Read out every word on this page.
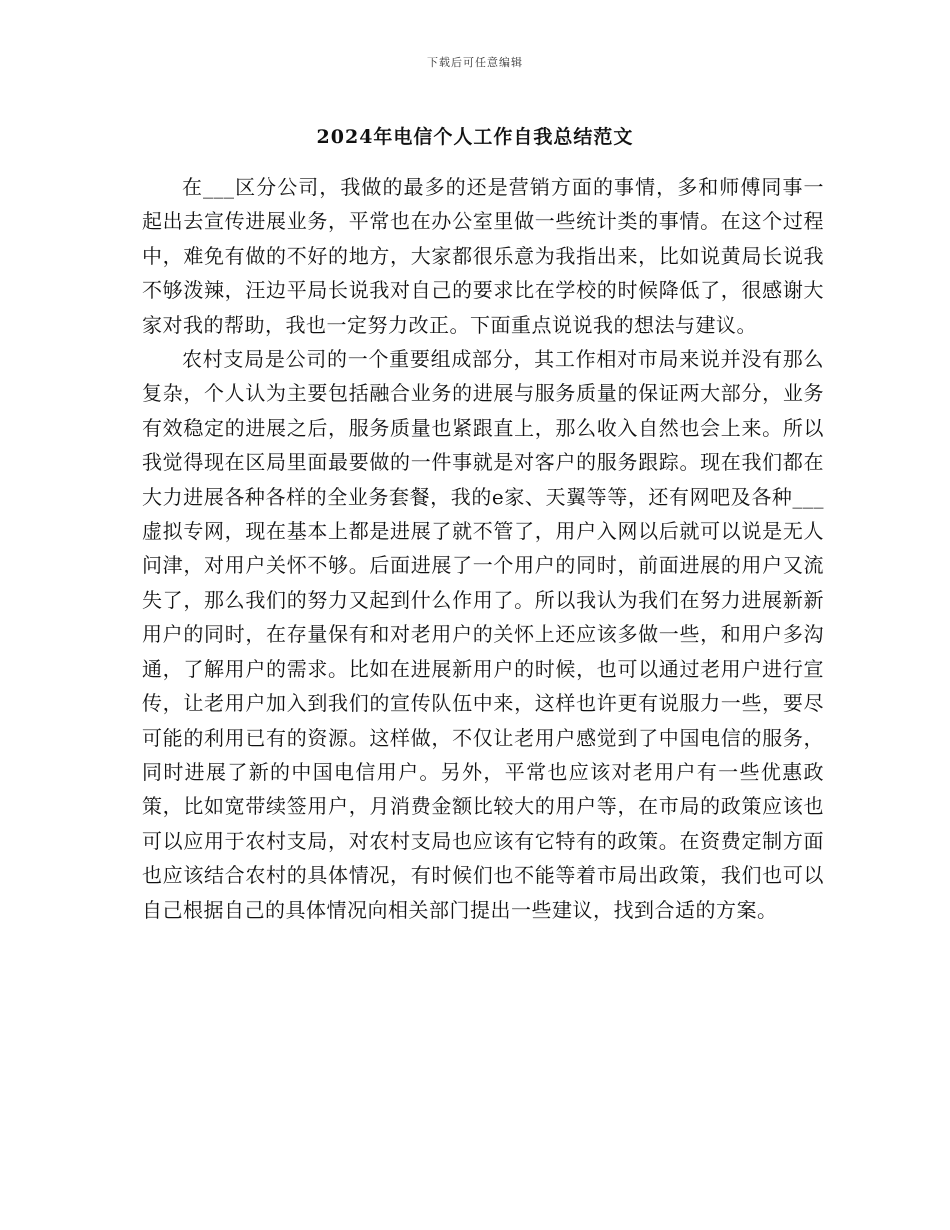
下载后可任意编辑
2024年电信个人工作自我总结范文

在___区分公司，我做的最多的还是营销方面的事情，多和师傅同事一起出去宣传进展业务，平常也在办公室里做一些统计类的事情。在这个过程中，难免有做的不好的地方，大家都很乐意为我指出来，比如说黄局长说我不够泼辣，汪边平局长说我对自己的要求比在学校的时候降低了，很感谢大家对我的帮助，我也一定努力改正。下面重点说说我的想法与建议。

农村支局是公司的一个重要组成部分，其工作相对市局来说并没有那么复杂，个人认为主要包括融合业务的进展与服务质量的保证两大部分，业务有效稳定的进展之后，服务质量也紧跟直上，那么收入自然也会上来。所以我觉得现在区局里面最要做的一件事就是对客户的服务跟踪。现在我们都在大力进展各种各样的全业务套餐，我的e家、天翼等等，还有网吧及各种___虚拟专网，现在基本上都是进展了就不管了，用户入网以后就可以说是无人问津，对用户关怀不够。后面进展了一个用户的同时，前面进展的用户又流失了，那么我们的努力又起到什么作用了。所以我认为我们在努力进展新新用户的同时，在存量保有和对老用户的关怀上还应该多做一些，和用户多沟通，了解用户的需求。比如在进展新用户的时候，也可以通过老用户进行宣传，让老用户加入到我们的宣传队伍中来，这样也许更有说服力一些，要尽可能的利用已有的资源。这样做，不仅让老用户感觉到了中国电信的服务，同时进展了新的中国电信用户。另外，平常也应该对老用户有一些优惠政策，比如宽带续签用户，月消费金额比较大的用户等，在市局的政策应该也可以应用于农村支局，对农村支局也应该有它特有的政策。在资费定制方面也应该结合农村的具体情况，有时候们也不能等着市局出政策，我们也可以自己根据自己的具体情况向相关部门提出一些建议，找到合适的方案。
